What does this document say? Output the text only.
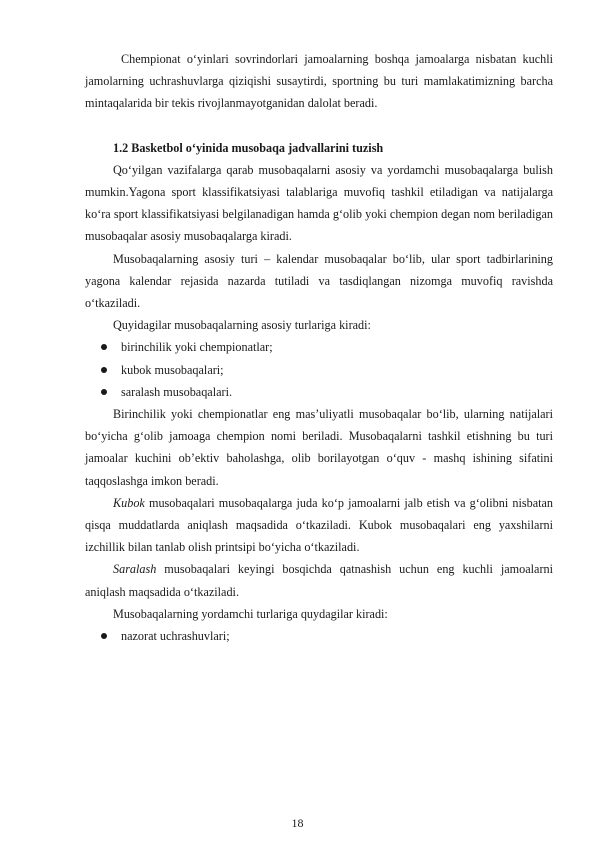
Chempionat o‘yinlari sovrindorlari jamoalarning boshqa jamoalarga nisbatan kuchli jamolarning uchrashuvlarga qiziqishi susaytirdi, sportning bu turi mamlakatimizning barcha mintaqalarida bir tekis rivojlanmayotganidan dalolat beradi.

1.2 Basketbol o‘yinida musobaqa jadvallarini tuzish

Qo‘yilgan vazifalarga qarab musobaqalarni asosiy va yordamchi musobaqalarga bulish mumkin.Yagona sport klassifikatsiyasi talablariga muvofiq tashkil etiladigan va natijalarga ko‘ra sport klassifikatsiyasi belgilanadigan hamda g‘olib yoki chempion degan nom beriladigan musobaqalar asosiy musobaqalarga kiradi.

Musobaqalarning asosiy turi – kalendar musobaqalar bo‘lib, ular sport tadbirlarining yagona kalendar rejasida nazarda tutiladi va tasdiqlangan nizomga muvofiq ravishda o‘tkaziladi.

Quyidagilar musobaqalarning asosiy turlariga kiradi:

birinchilik yoki chempionatlar;
kubok musobaqalari;
saralash musobaqalari.

Birinchilik yoki chempionatlar eng mas’uliyatli musobaqalar bo‘lib, ularning natijalari bo‘yicha g‘olib jamoaga chempion nomi beriladi. Musobaqalarni tashkil etishning bu turi jamoalar kuchini ob’ektiv baholashga, olib borilayotgan o‘quv - mashq ishining sifatini taqqoslashga imkon beradi.

Kubok musobaqalari musobaqalarga juda ko‘p jamoalarni jalb etish va g‘olibni nisbatan qisqa muddatlarda aniqlash maqsadida o‘tkaziladi. Kubok musobaqalari eng yaxshilarni izchillik bilan tanlab olish printsipi bo‘yicha o‘tkaziladi.

Saralash musobaqalari keyingi bosqichda qatnashish uchun eng kuchli jamoalarni aniqlash maqsadida o‘tkaziladi.

Musobaqalarning yordamchi turlariga quydagilar kiradi:

nazorat uchrashuvlari;
18
